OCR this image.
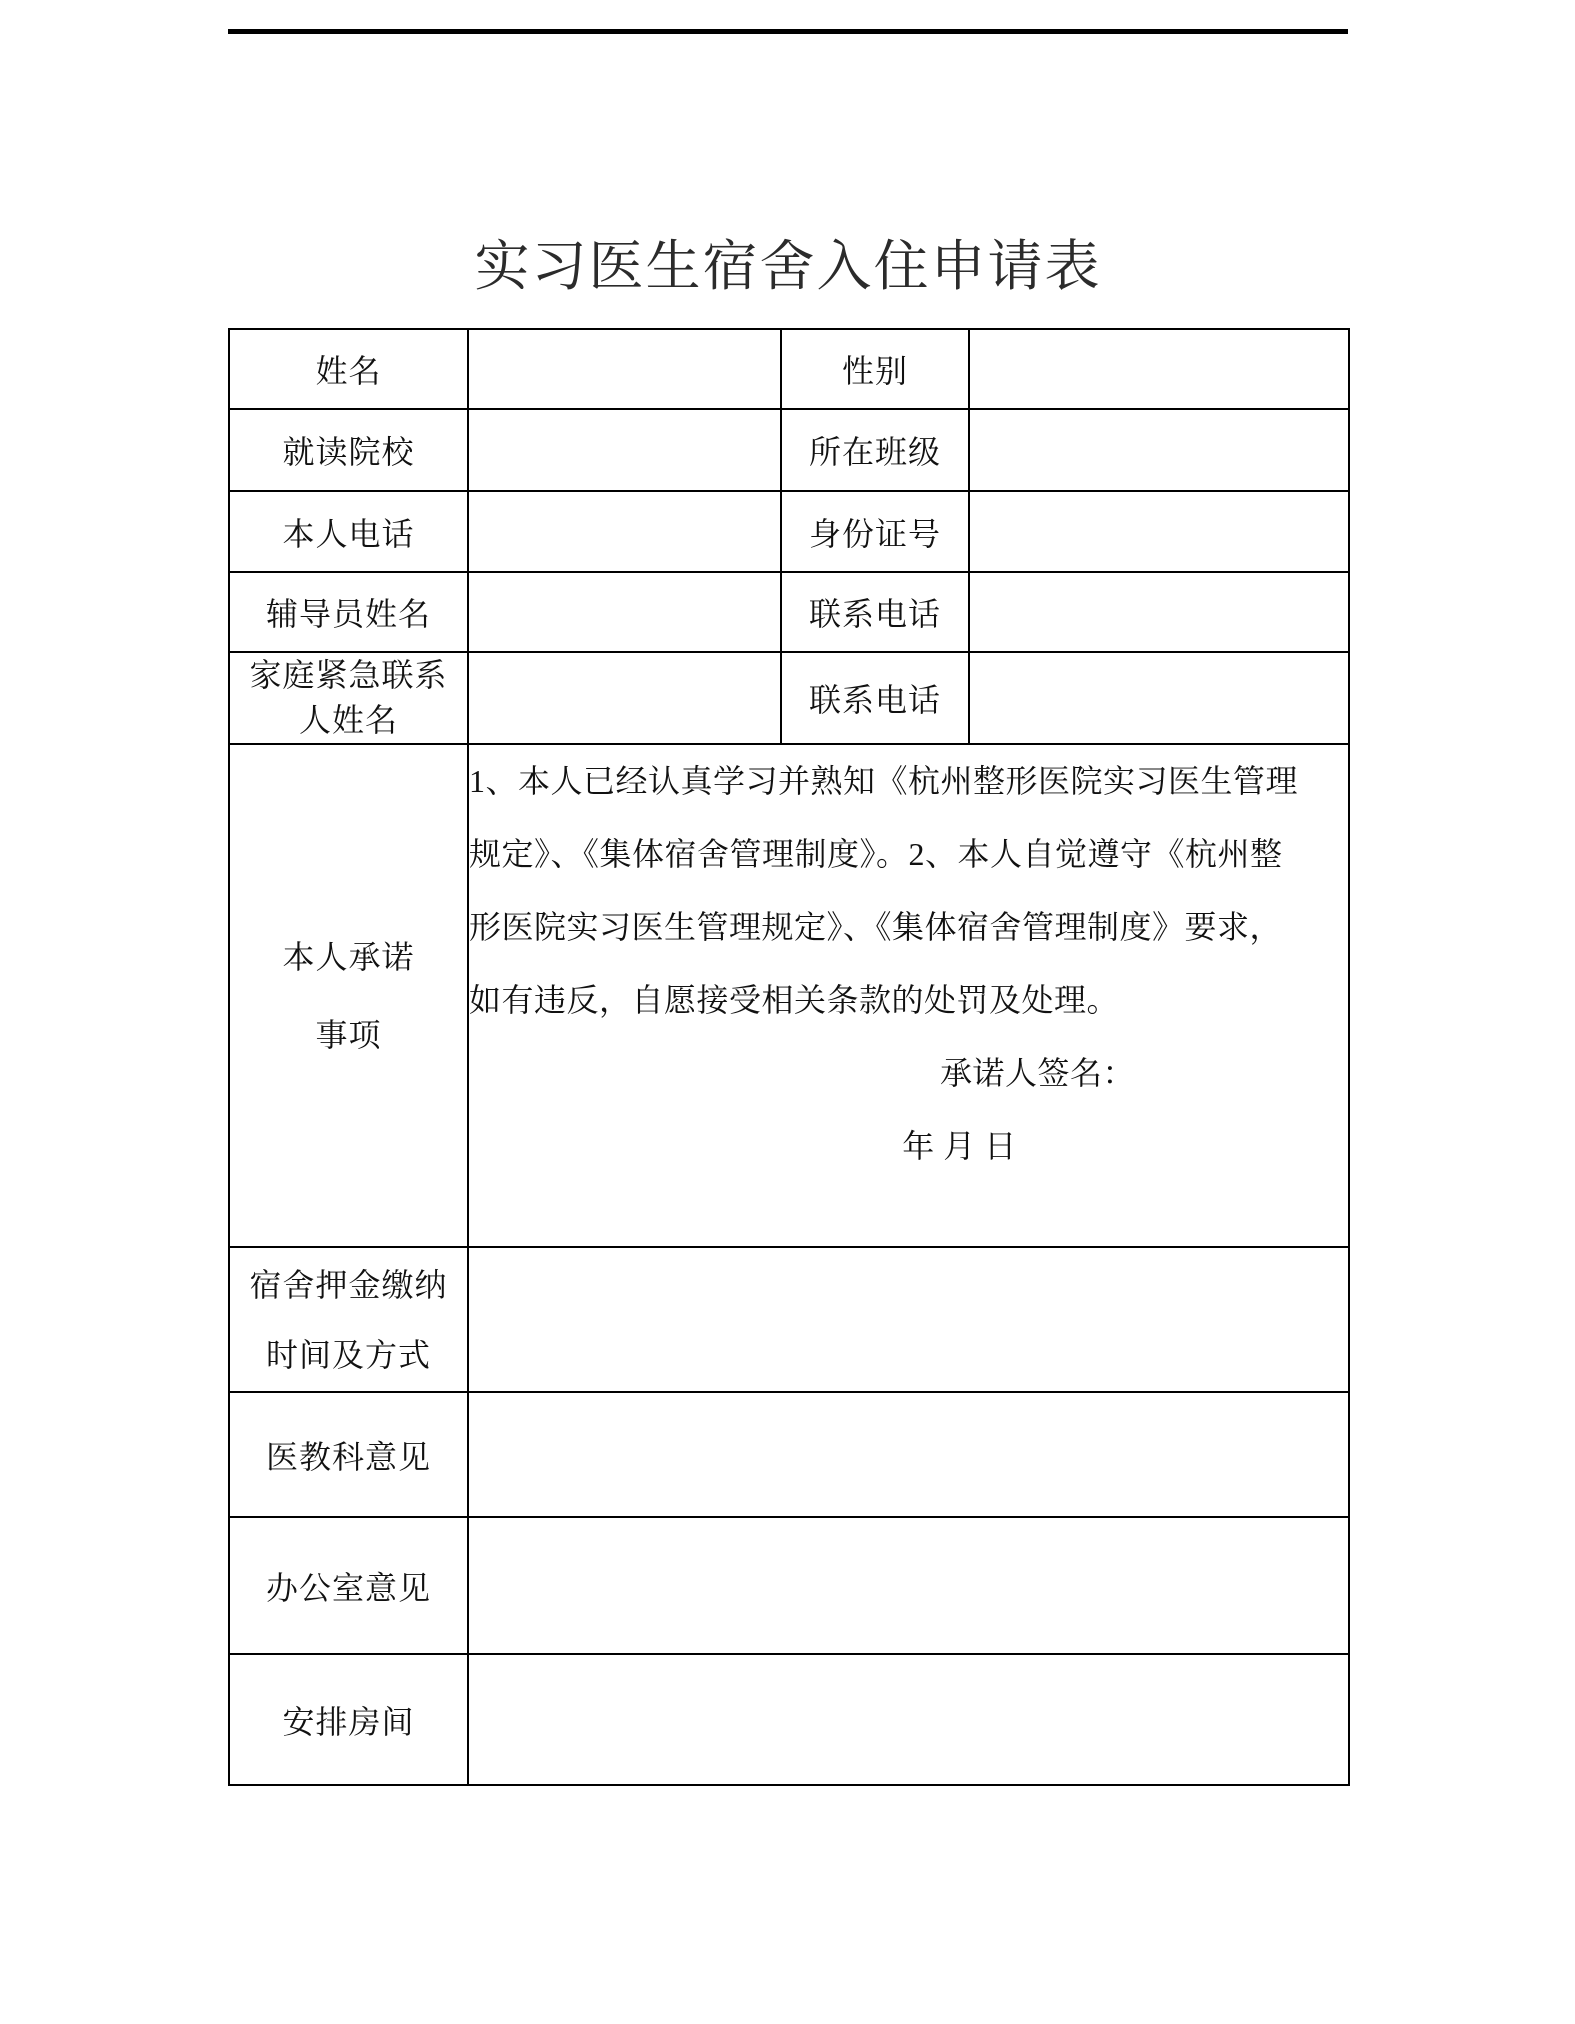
实习医生宿舍入住申请表
姓名		性别	
就读院校		所在班级	
本人电话		身份证号	
辅导员姓名		联系电话	

家庭紧急联系
人姓名		联系电话	

本人承诺
事项

1、本人已经认真学习并熟知《杭州整形医院实习医生管理
规定》、《集体宿舍管理制度》。2、本人自觉遵守《杭州整
形医院实习医生管理规定》、《集体宿舍管理制度》要求，
如有违反，自愿接受相关条款的处罚及处理。
承诺人签名：
年 月 日

宿舍押金缴纳
时间及方式			

医教科意见			
办公室意见			
安排房间			
